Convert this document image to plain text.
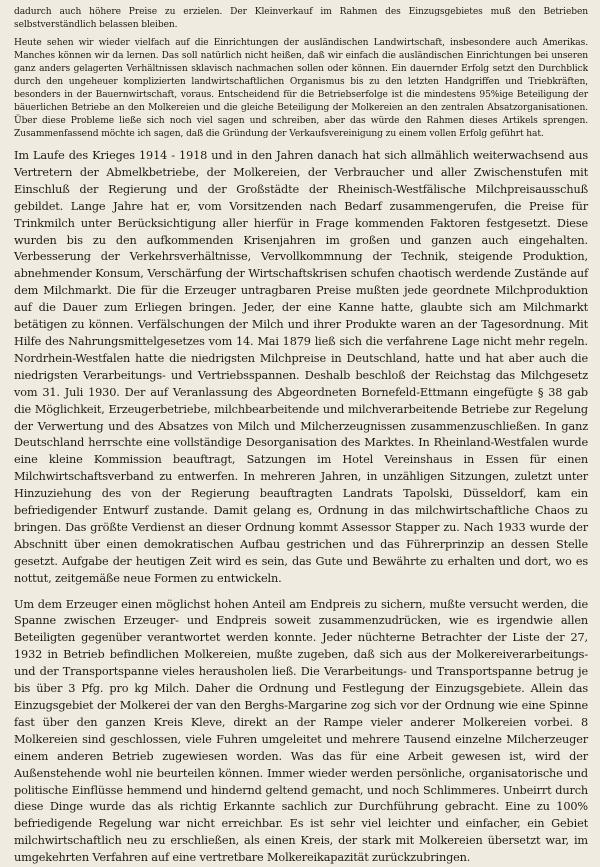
dadurch auch höhere Preise zu erzielen. Der Kleinverkauf im Rahmen des Einzugsgebietes muß den Betrieben selbstverständlich belassen bleiben.

Heute sehen wir wieder vielfach auf die Einrichtungen der ausländischen Landwirtschaft, insbesondere auch Amerikas. Manches können wir da lernen. Das soll natürlich nicht heißen, daß wir einfach die ausländischen Einrichtungen bei unseren ganz anders gelagerten Verhältnissen sklavisch nachmachen sollen oder können. Ein dauernder Erfolg setzt den Durchblick durch den ungeheuer komplizierten landwirtschaftlichen Organismus bis zu den letzten Handgriffen und Triebkräften, besonders in der Bauernwirtschaft, voraus. Entscheidend für die Betriebserfolge ist die mindestens 95%ige Beteiligung der bäuerlichen Betriebe an den Molkereien und die gleiche Beteiligung der Molkereien an den zentralen Absatzorganisationen. Über diese Probleme ließe sich noch viel sagen und schreiben, aber das würde den Rahmen dieses Artikels sprengen. Zusammenfassend möchte ich sagen, daß die Gründung der Verkaufsvereinigung zu einem vollen Erfolg geführt hat.

Im Laufe des Krieges 1914 - 1918 und in den Jahren danach hat sich allmählich weiterwachsend aus Vertretern der Abmelkbetriebe, der Molkereien, der Verbraucher und aller Zwischenstufen mit Einschluß der Regierung und der Großstädte der Rheinisch-Westfälische Milchpreisausschuß gebildet. Lange Jahre hat er, vom Vorsitzenden nach Bedarf zusammengerufen, die Preise für Trinkmilch unter Berücksichtigung aller hierfür in Frage kommenden Faktoren festgesetzt. Diese wurden bis zu den aufkommenden Krisenjahren im großen und ganzen auch eingehalten. Verbesserung der Verkehrsverhältnisse, Vervollkommnung der Technik, steigende Produktion, abnehmender Konsum, Verschärfung der Wirtschaftskrisen schufen chaotisch werdende Zustände auf dem Milchmarkt. Die für die Erzeuger untragbaren Preise mußten jede geordnete Milchproduktion auf die Dauer zum Erliegen bringen. Jeder, der eine Kanne hatte, glaubte sich am Milchmarkt betätigen zu können. Verfälschungen der Milch und ihrer Produkte waren an der Tagesordnung. Mit Hilfe des Nahrungsmittelgesetzes vom 14. Mai 1879 ließ sich die verfahrene Lage nicht mehr regeln. Nordrhein-Westfalen hatte die niedrigsten Milchpreise in Deutschland, hatte und hat aber auch die niedrigsten Verarbeitungs- und Vertriebsspannen. Deshalb beschloß der Reichstag das Milchgesetz vom 31. Juli 1930. Der auf Veranlassung des Abgeordneten Bornefeld-Ettmann eingefügte § 38 gab die Möglichkeit, Erzeugerbetriebe, milchbearbeitende und milchverarbeitende Betriebe zur Regelung der Verwertung und des Absatzes von Milch und Milcherzeugnissen zusammenzuschließen. In ganz Deutschland herrschte eine vollständige Desorganisation des Marktes. In Rheinland-Westfalen wurde eine kleine Kommission beauftragt, Satzungen im Hotel Vereinshaus in Essen für einen Milchwirtschaftsverband zu entwerfen. In mehreren Jahren, in unzähligen Sitzungen, zuletzt unter Hinzuziehung des von der Regierung beauftragten Landrats Tapolski, Düsseldorf, kam ein befriedigender Entwurf zustande. Damit gelang es, Ordnung in das milchwirtschaftliche Chaos zu bringen. Das größte Verdienst an dieser Ordnung kommt Assessor Stapper zu. Nach 1933 wurde der Abschnitt über einen demokratischen Aufbau gestrichen und das Führerprinzip an dessen Stelle gesetzt. Aufgabe der heutigen Zeit wird es sein, das Gute und Bewährte zu erhalten und dort, wo es nottut, zeitgemäße neue Formen zu entwickeln.

Um dem Erzeuger einen möglichst hohen Anteil am Endpreis zu sichern, mußte versucht werden, die Spanne zwischen Erzeuger- und Endpreis soweit zusammenzudrücken, wie es irgendwie allen Beteiligten gegenüber verantwortet werden konnte. Jeder nüchterne Betrachter der Liste der 27, 1932 in Betrieb befindlichen Molkereien, mußte zugeben, daß sich aus der Molkereiverarbeitungs- und der Transportspanne vieles herausholen ließ. Die Verarbeitungs- und Transportspanne betrug je bis über 3 Pfg. pro kg Milch. Daher die Ordnung und Festlegung der Einzugsgebiete. Allein das Einzugsgebiet der Molkerei der van den Berghs-Margarine zog sich vor der Ordnung wie eine Spinne fast über den ganzen Kreis Kleve, direkt an der Rampe vieler anderer Molkereien vorbei. 8 Molkereien sind geschlossen, viele Fuhren umgeleitet und mehrere Tausend einzelne Milcherzeuger einem anderen Betrieb zugewiesen worden. Was das für eine Arbeit gewesen ist, wird der Außenstehende wohl nie beurteilen können. Immer wieder werden persönliche, organisatorische und politische Einflüsse hemmend und hindernd geltend gemacht, und noch Schlimmeres. Unbeirrt durch diese Dinge wurde das als richtig Erkannte sachlich zur Durchführung gebracht. Eine zu 100% befriedigende Regelung war nicht erreichbar. Es ist sehr viel leichter und einfacher, ein Gebiet milchwirtschaftlich neu zu erschließen, als einen Kreis, der stark mit Molkereien übersetzt war, im umgekehrten Verfahren auf eine vertretbare Molkereikapazität zurückzubringen.
